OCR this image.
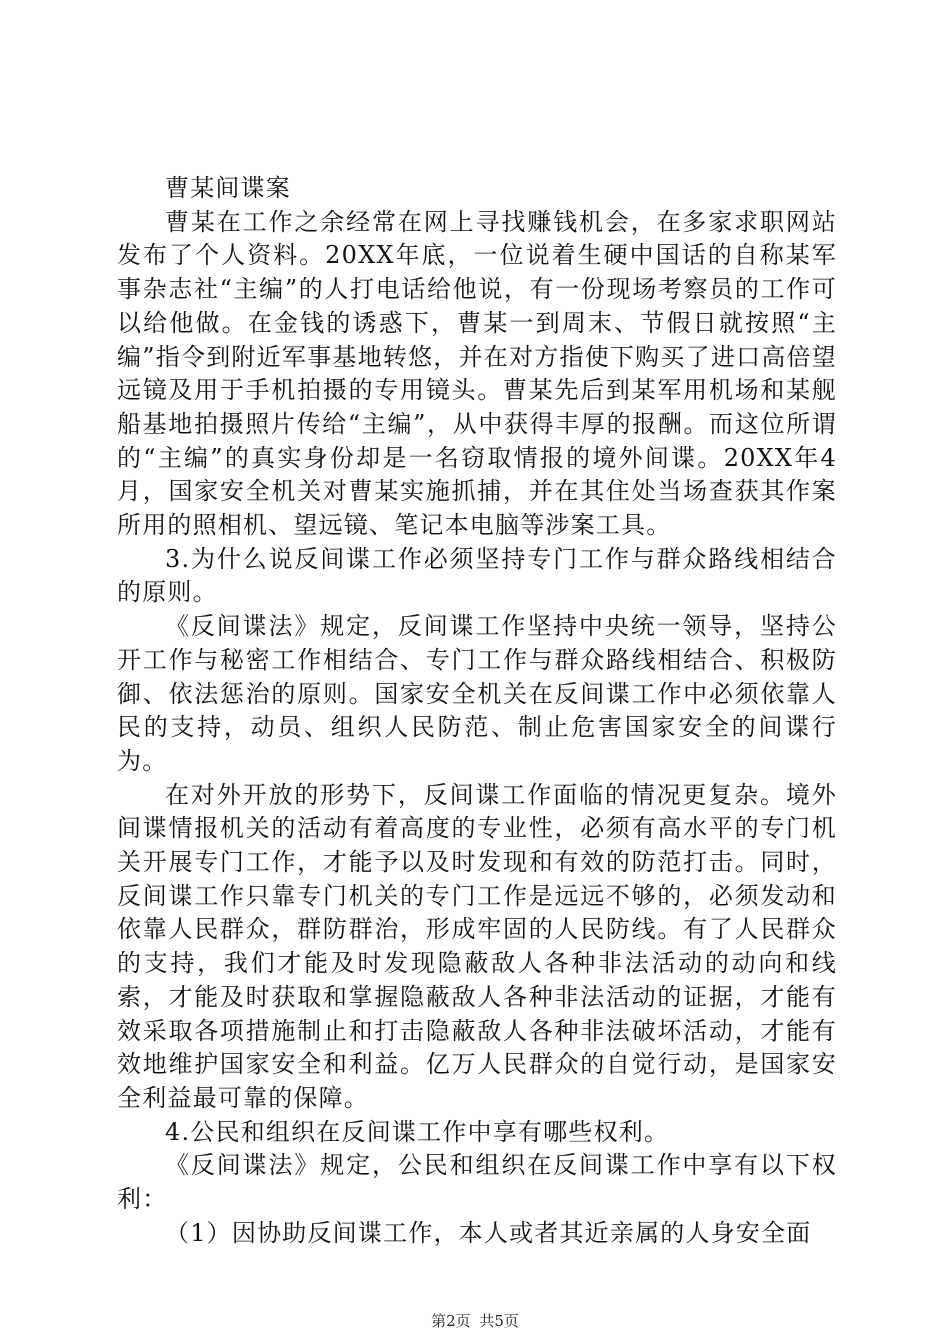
曹某间谍案

曹某在工作之余经常在网上寻找赚钱机会，在多家求职网站发布了个人资料。20XX年底，一位说着生硬中国话的自称某军事杂志社“主编”的人打电话给他说，有一份现场考察员的工作可以给他做。在金钱的诱惑下，曹某一到周末、节假日就按照“主编”指令到附近军事基地转悠，并在对方指使下购买了进口高倍望远镜及用于手机拍摄的专用镜头。曹某先后到某军用机场和某舰船基地拍摄照片传给“主编”，从中获得丰厚的报酬。而这位所谓的“主编”的真实身份却是一名窃取情报的境外间谍。20XX年4月，国家安全机关对曹某实施抓捕，并在其住处当场查获其作案所用的照相机、望远镜、笔记本电脑等涉案工具。

3.为什么说反间谍工作必须坚持专门工作与群众路线相结合的原则。

《反间谍法》规定，反间谍工作坚持中央统一领导，坚持公开工作与秘密工作相结合、专门工作与群众路线相结合、积极防御、依法惩治的原则。国家安全机关在反间谍工作中必须依靠人民的支持，动员、组织人民防范、制止危害国家安全的间谍行为。

在对外开放的形势下，反间谍工作面临的情况更复杂。境外间谍情报机关的活动有着高度的专业性，必须有高水平的专门机关开展专门工作，才能予以及时发现和有效的防范打击。同时，反间谍工作只靠专门机关的专门工作是远远不够的，必须发动和依靠人民群众，群防群治，形成牢固的人民防线。有了人民群众的支持，我们才能及时发现隐蔽敌人各种非法活动的动向和线索，才能及时获取和掌握隐蔽敌人各种非法活动的证据，才能有效采取各项措施制止和打击隐蔽敌人各种非法破坏活动，才能有效地维护国家安全和利益。亿万人民群众的自觉行动，是国家安全利益最可靠的保障。

4.公民和组织在反间谍工作中享有哪些权利。

《反间谍法》规定，公民和组织在反间谍工作中享有以下权利：

（1）因协助反间谍工作，本人或者其近亲属的人身安全面

第2页 共5页
